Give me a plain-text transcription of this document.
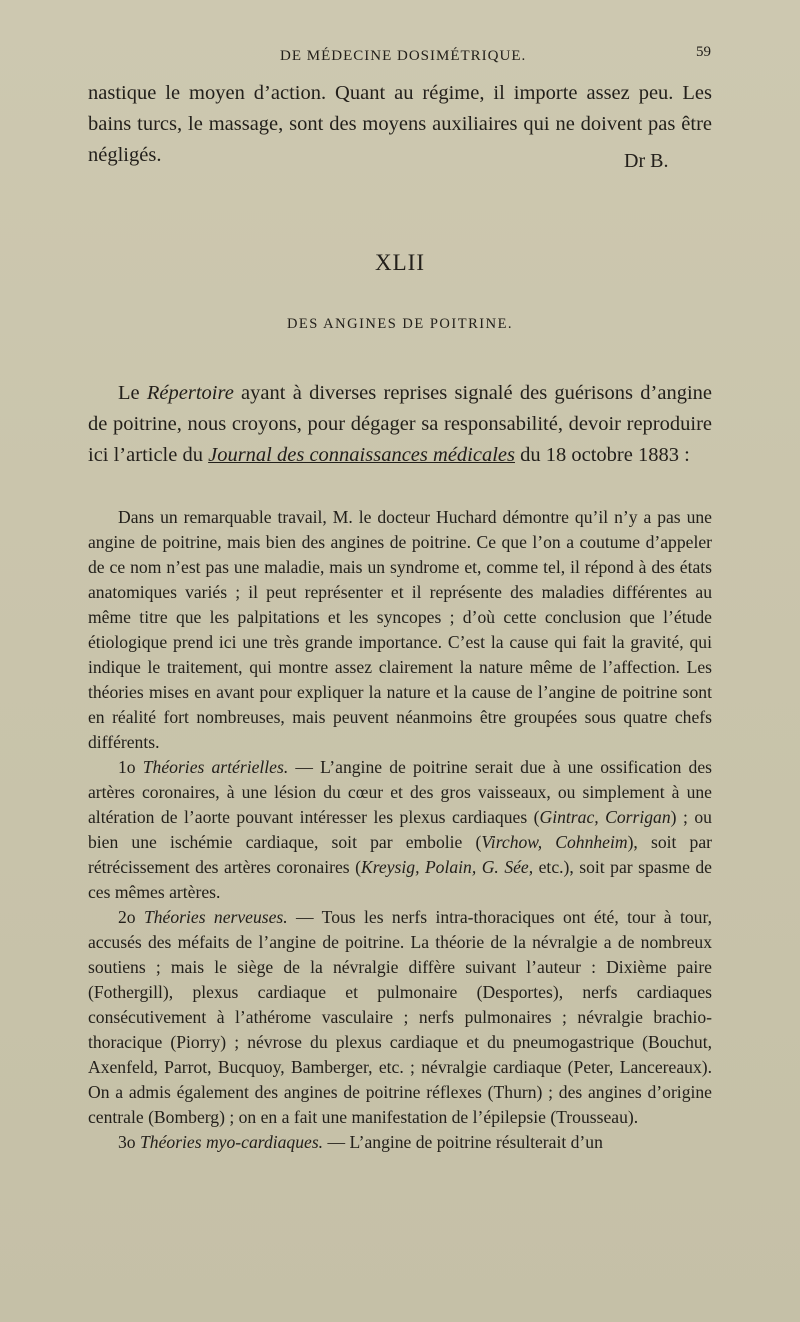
DE MÉDECINE DOSIMÉTRIQUE.	59

nastique le moyen d’action. Quant au régime, il importe assez peu. Les bains turcs, le massage, sont des moyens auxiliaires qui ne doivent pas être négligés.	Dr B.
XLII
DES ANGINES DE POITRINE.

Le Répertoire ayant à diverses reprises signalé des guérisons d’angine de poitrine, nous croyons, pour dégager sa responsabilité, devoir reproduire ici l’article du Journal des connaissances médicales du 18 octobre 1883 :

Dans un remarquable travail, M. le docteur Huchard démontre qu’il n’y a pas une angine de poitrine, mais bien des angines de poitrine. Ce que l’on a coutume d’appeler de ce nom n’est pas une maladie, mais un syndrome et, comme tel, il répond à des états anatomiques variés ; il peut représenter et il représente des maladies différentes au même titre que les palpitations et les syncopes ; d’où cette conclusion que l’étude étiologique prend ici une très grande importance. C’est la cause qui fait la gravité, qui indique le traitement, qui montre assez clairement la nature même de l’affection. Les théories mises en avant pour expliquer la nature et la cause de l’angine de poitrine sont en réalité fort nombreuses, mais peuvent néanmoins être groupées sous quatre chefs différents.

1o Théories artérielles. — L’angine de poitrine serait due à une ossification des artères coronaires, à une lésion du cœur et des gros vaisseaux, ou simplement à une altération de l’aorte pouvant intéresser les plexus cardiaques (Gintrac, Corrigan) ; ou bien une ischémie cardiaque, soit par embolie (Virchow, Cohnheim), soit par rétrécissement des artères coronaires (Kreysig, Polain, G. Sée, etc.), soit par spasme de ces mêmes artères.

2o Théories nerveuses. — Tous les nerfs intra-thoraciques ont été, tour à tour, accusés des méfaits de l’angine de poitrine. La théorie de la névralgie a de nombreux soutiens ; mais le siège de la névralgie diffère suivant l’auteur : Dixième paire (Fothergill), plexus cardiaque et pulmonaire (Desportes), nerfs cardiaques consécutivement à l’athérome vasculaire ; nerfs pulmonaires ; névralgie brachio-thoracique (Piorry) ; névrose du plexus cardiaque et du pneumogastrique (Bouchut, Axenfeld, Parrot, Bucquoy, Bamberger, etc. ; névralgie cardiaque (Peter, Lancereaux). On a admis également des angines de poitrine réflexes (Thurn) ; des angines d’origine centrale (Bomberg) ; on en a fait une manifestation de l’épilepsie (Trousseau).

3o Théories myo-cardiaques. — L’angine de poitrine résulterait d’un
